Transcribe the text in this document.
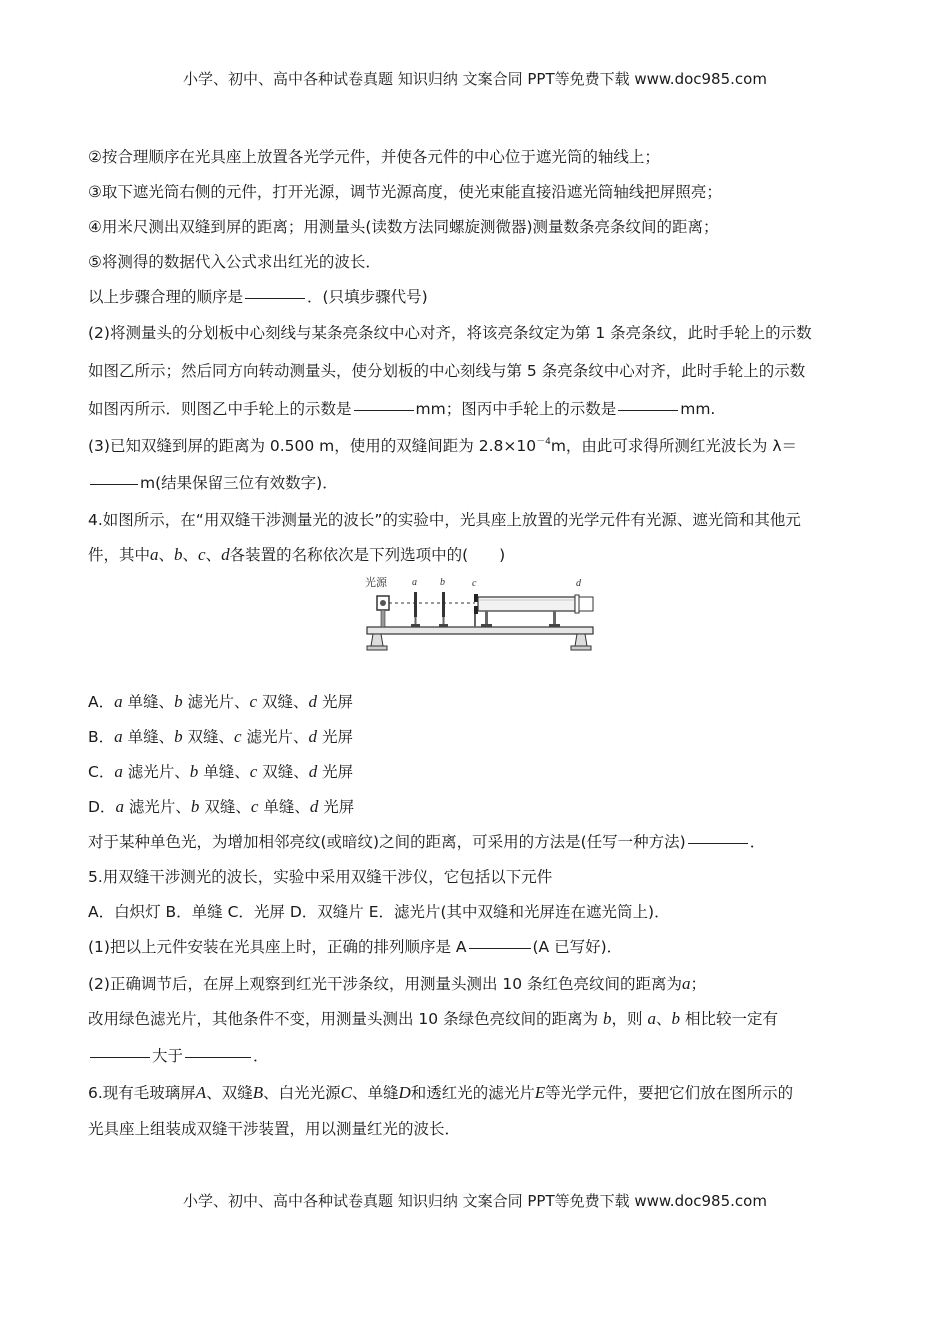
小学、初中、高中各种试卷真题 知识归纳 文案合同 PPT等免费下载 www.doc985.com

②按合理顺序在光具座上放置各光学元件，并使各元件的中心位于遮光筒的轴线上；

③取下遮光筒右侧的元件，打开光源，调节光源高度，使光束能直接沿遮光筒轴线把屏照亮；

④用米尺测出双缝到屏的距离；用测量头(读数方法同螺旋测微器)测量数条亮条纹间的距离；

⑤将测得的数据代入公式求出红光的波长．

以上步骤合理的顺序是	．(只填步骤代号)

(2)将测量头的分划板中心刻线与某条亮条纹中心对齐，将该亮条纹定为第 1 条亮条纹，此时手轮上的示数

如图乙所示；然后同方向转动测量头，使分划板的中心刻线与第 5 条亮条纹中心对齐，此时手轮上的示数

如图丙所示．则图乙中手轮上的示数是	mm；图丙中手轮上的示数是	mm.

(3)已知双缝到屏的距离为 0.500 m，使用的双缝间距为 $2.8\times 10^{-4}m$，由此可求得所测红光波长为 λ＝

m(结果保留三位有效数字)．

4.如图所示，在“用双缝干涉测量光的波长”的实验中，光具座上放置的光学元件有光源、遮光筒和其他元

件，其中a、b、c、d各装置的名称依次是下列选项中的(　　)

A．a 单缝、b 滤光片、c 双缝、d 光屏

B．a 单缝、b 双缝、c 滤光片、d 光屏

C．a 滤光片、b 单缝、c 双缝、d 光屏

D．a 滤光片、b 双缝、c 单缝、d 光屏

对于某种单色光，为增加相邻亮纹(或暗纹)之间的距离，可采用的方法是(任写一种方法)	．

5.用双缝干涉测光的波长，实验中采用双缝干涉仪，它包括以下元件

A．白炽灯 B．单缝 C．光屏 D．双缝片 E．滤光片(其中双缝和光屏连在遮光筒上)．

(1)把以上元件安装在光具座上时，正确的排列顺序是 A	(A 已写好)．

(2)正确调节后，在屏上观察到红光干涉条纹，用测量头测出 10 条红色亮纹间的距离为a；

改用绿色滤光片，其他条件不变，用测量头测出 10 条绿色亮纹间的距离为 b，则 a、b 相比较一定有

大于	．

6.现有毛玻璃屏A、双缝B、白光光源C、单缝D和透红光的滤光片E等光学元件，要把它们放在图所示的

光具座上组装成双缝干涉装置，用以测量红光的波长．

光源	a b	c	d
小学、初中、高中各种试卷真题 知识归纳 文案合同 PPT等免费下载 www.doc985.com
